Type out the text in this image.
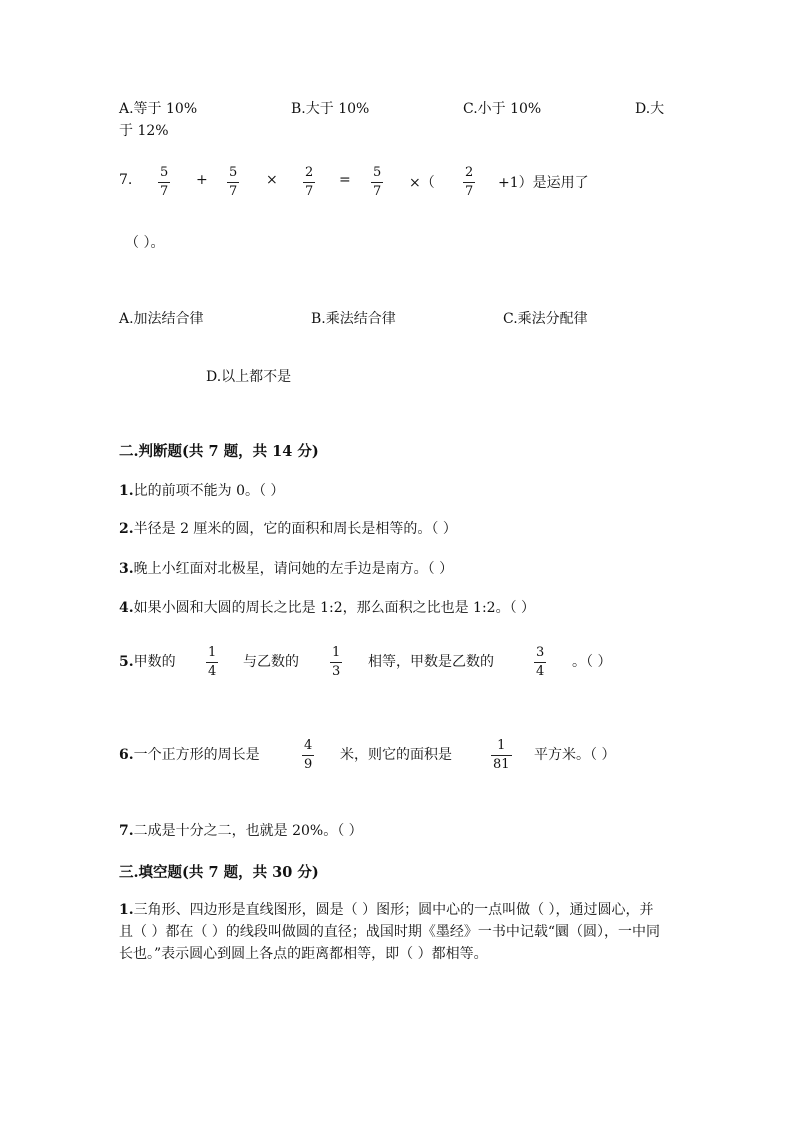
A.等于 10%	B.大于 10%	C.小于 10%	D.大
于 12%
7. 5
7
+ 5
7
× 2
7
= 5
7
×（
2
7
+1）是运用了
（ ）。
A.加法结合律	B.乘法结合律	C.乘法分配律
D.以上都不是
二.判断题(共 7 题，共 14 分)
1.比的前项不能为 0。（ ）
2.半径是 2 厘米的圆，它的面积和周长是相等的。（ ）
3.晚上小红面对北极星，请问她的左手边是南方。（ ）
4.如果小圆和大圆的周长之比是 1:2，那么面积之比也是 1:2。（ ）
5.甲数的
1
4
与乙数的
1
3
相等，甲数是乙数的
3
4
。（ ）
6.一个正方形的周长是
4
9
米，则它的面积是
1
81
平方米。（ ）
7.二成是十分之二，也就是 20%。（ ）
三.填空题(共 7 题，共 30 分)
1.三角形、四边形是直线图形，圆是（ ）图形；圆中心的一点叫做（ ），通过圆心，并且（ ）都在（ ）的线段叫做圆的直径；战国时期《墨经》一书中记载“圜（圆），一中同长也。”表示圆心到圆上各点的距离都相等，即（ ）都相等。
